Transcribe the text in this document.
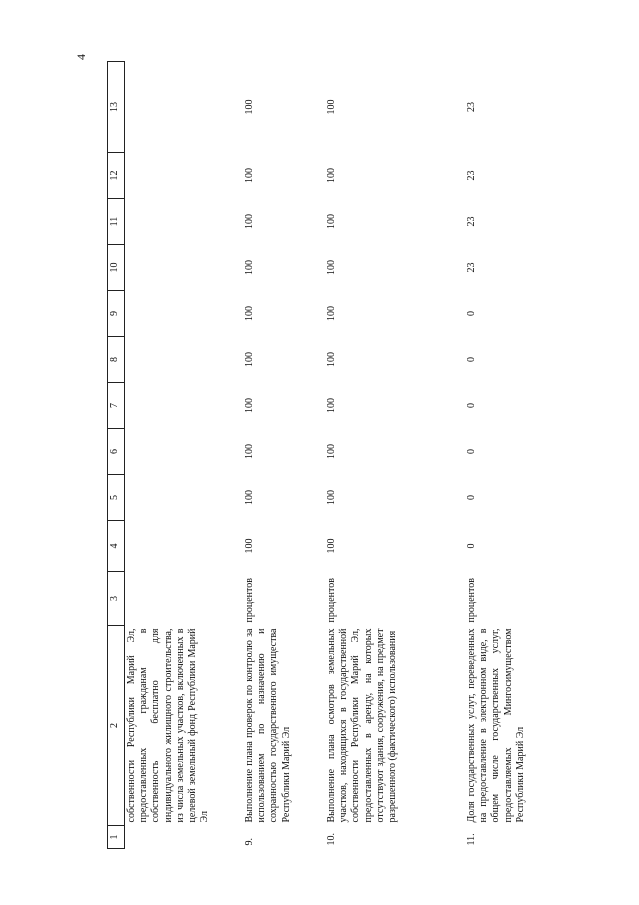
4
1	2	3	4	5	6	7	8	9	10	11	12	13
	собственности Республики Марий Эл, предоставленных гражданам в собственность бесплатно для индивидуального жилищного строительства, из числа земельных участков, включенных в целевой земельный фонд Республики Марий Эл											
9.	Выполнение плана проверок по контролю за использованием по назначению и сохранностью государственного имущества Республики Марий Эл	процентов	100	100	100	100	100	100	100	100	100	100
10.	Выполнение плана осмотров земельных участков, находящихся в государственной собственности Республики Марий Эл, предоставленных в аренду, на которых отсутствуют здания, сооружения, на предмет разрешенного (фактического) использования	процентов	100	100	100	100	100	100	100	100	100	100
11.	Доля государственных услут, переведенных на предоставление в электронном виде, в общем числе государственных услуг, предоставляемых Мингосимуществом Республики Марий Эл	процентов	0	0	0	0	0	0	23	23	23	23
